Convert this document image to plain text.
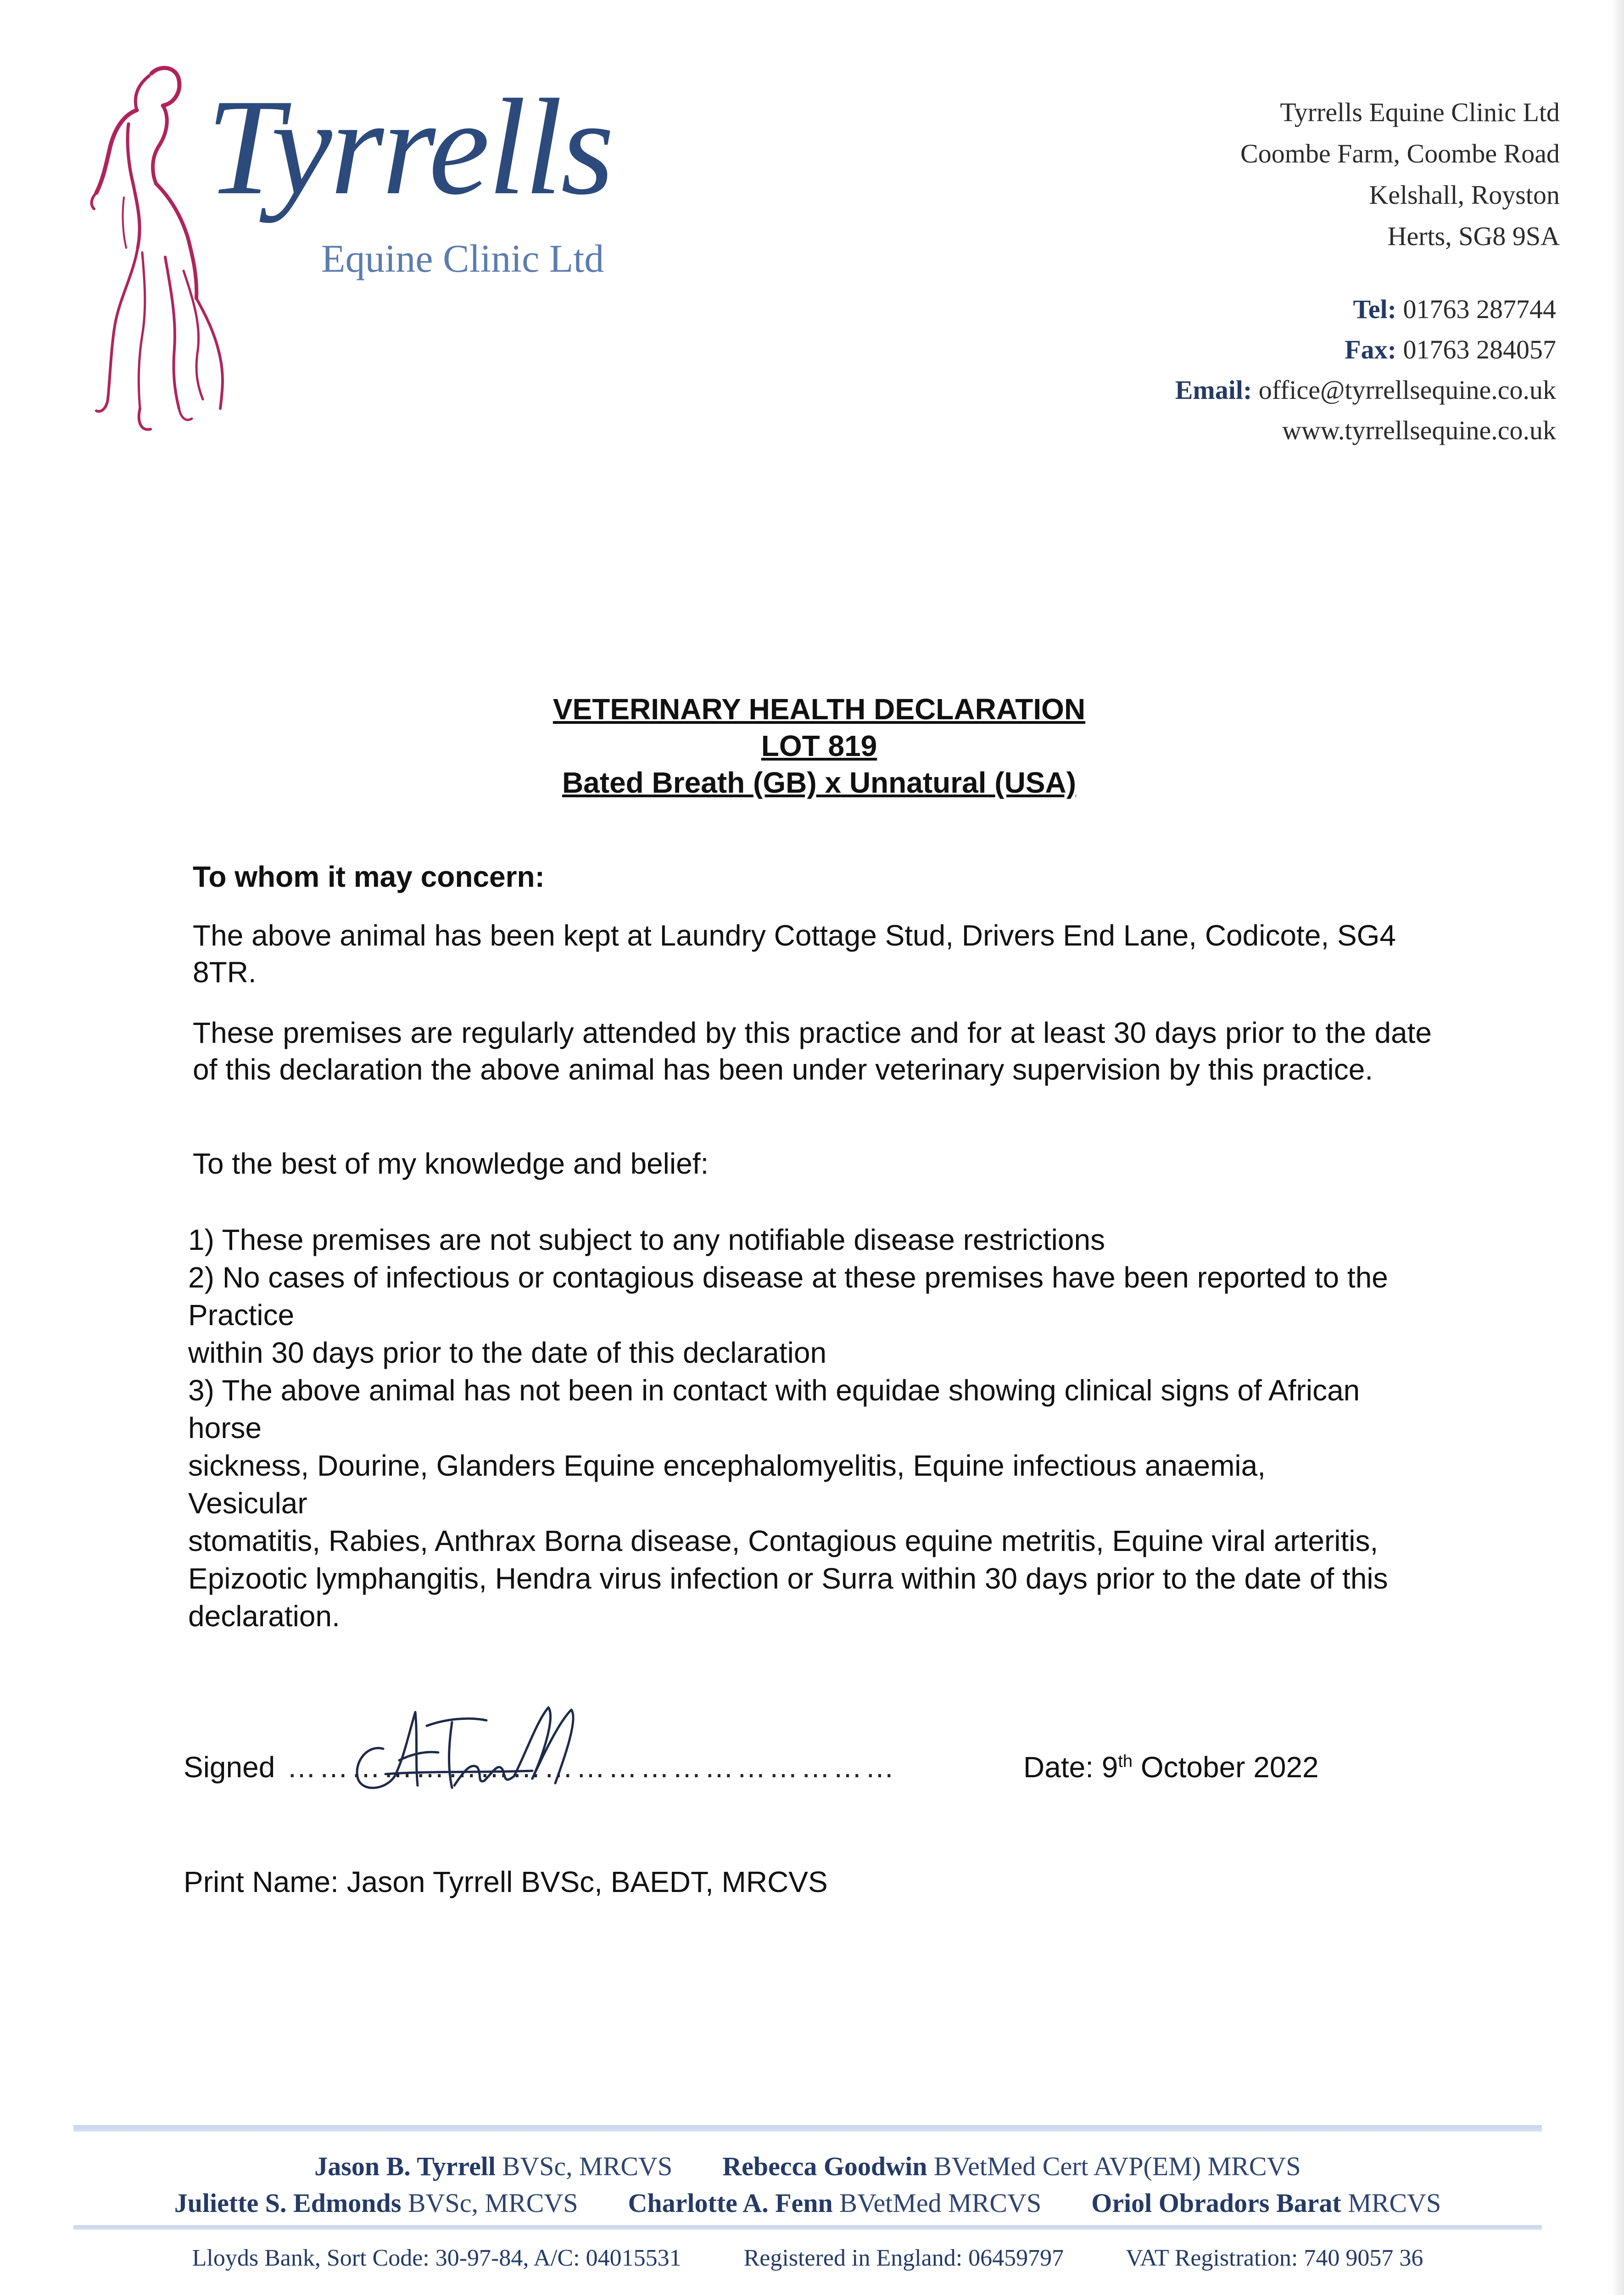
Tyrrells
Equine Clinic Ltd
Tyrrells Equine Clinic Ltd
Coombe Farm, Coombe Road
Kelshall, Royston
Herts, SG8 9SA
Tel: 01763 287744
Fax: 01763 284057
Email: office@tyrrellsequine.co.uk
www.tyrrellsequine.co.uk
VETERINARY HEALTH DECLARATION
LOT 819
Bated Breath (GB) x Unnatural (USA)
To whom it may concern:
The above animal has been kept at Laundry Cottage Stud, Drivers End Lane, Codicote, SG4 8TR.
These premises are regularly attended by this practice and for at least 30 days prior to the date of this declaration the above animal has been under veterinary supervision by this practice.
To the best of my knowledge and belief:
1) These premises are not subject to any notifiable disease restrictions
2) No cases of infectious or contagious disease at these premises have been reported to the
Practice
within 30 days prior to the date of this declaration
3) The above animal has not been in contact with equidae showing clinical signs of African
horse
sickness, Dourine, Glanders Equine encephalomyelitis, Equine infectious anaemia,
Vesicular
stomatitis, Rabies, Anthrax Borna disease, Contagious equine metritis, Equine viral arteritis,
Epizootic lymphangitis, Hendra virus infection or Surra within 30 days prior to the date of this
declaration.
Signed …………………………………………………	Date: 9th October 2022
Print Name: Jason Tyrrell BVSc, BAEDT, MRCVS
Jason B. Tyrrell BVSc, MRCVS Rebecca Goodwin BVetMed Cert AVP(EM) MRCVS
Juliette S. Edmonds BVSc, MRCVS Charlotte A. Fenn BVetMed MRCVS Oriol Obradors Barat MRCVS
Lloyds Bank, Sort Code: 30-97-84, A/C: 04015531	Registered in England: 06459797	VAT Registration: 740 9057 36
